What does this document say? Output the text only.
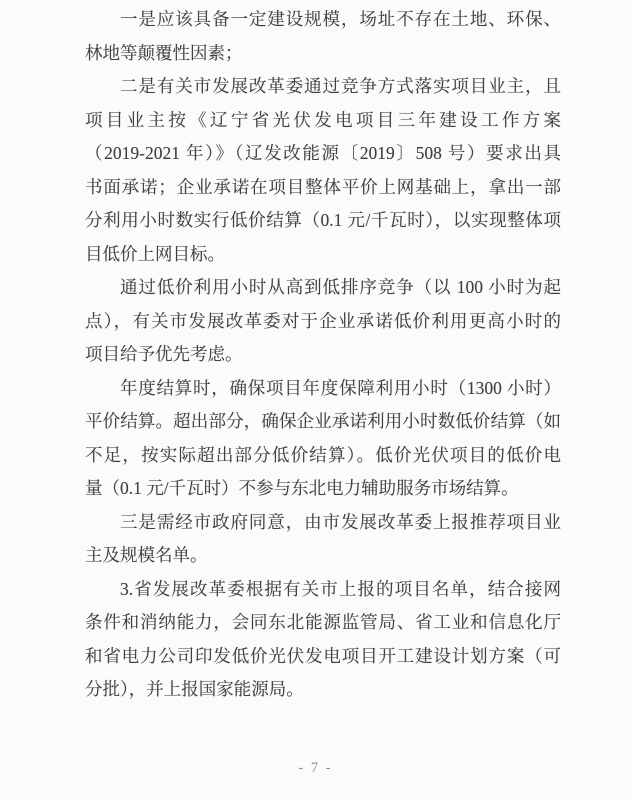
一是应该具备一定建设规模，场址不存在土地、环保、
林地等颠覆性因素；
二是有关市发展改革委通过竞争方式落实项目业主，且
项目业主按《辽宁省光伏发电项目三年建设工作方案
（2019-2021 年）》（辽发改能源〔2019〕508 号）要求出具
书面承诺；企业承诺在项目整体平价上网基础上，拿出一部
分利用小时数实行低价结算（0.1 元/千瓦时），以实现整体项
目低价上网目标。
通过低价利用小时从高到低排序竞争（以 100 小时为起
点），有关市发展改革委对于企业承诺低价利用更高小时的
项目给予优先考虑。
年度结算时，确保项目年度保障利用小时（1300 小时）
平价结算。超出部分，确保企业承诺利用小时数低价结算（如
不足，按实际超出部分低价结算）。低价光伏项目的低价电
量（0.1 元/千瓦时）不参与东北电力辅助服务市场结算。
三是需经市政府同意，由市发展改革委上报推荐项目业
主及规模名单。
3.省发展改革委根据有关市上报的项目名单，结合接网
条件和消纳能力，会同东北能源监管局、省工业和信息化厅
和省电力公司印发低价光伏发电项目开工建设计划方案（可
分批），并上报国家能源局。
- 7 -
